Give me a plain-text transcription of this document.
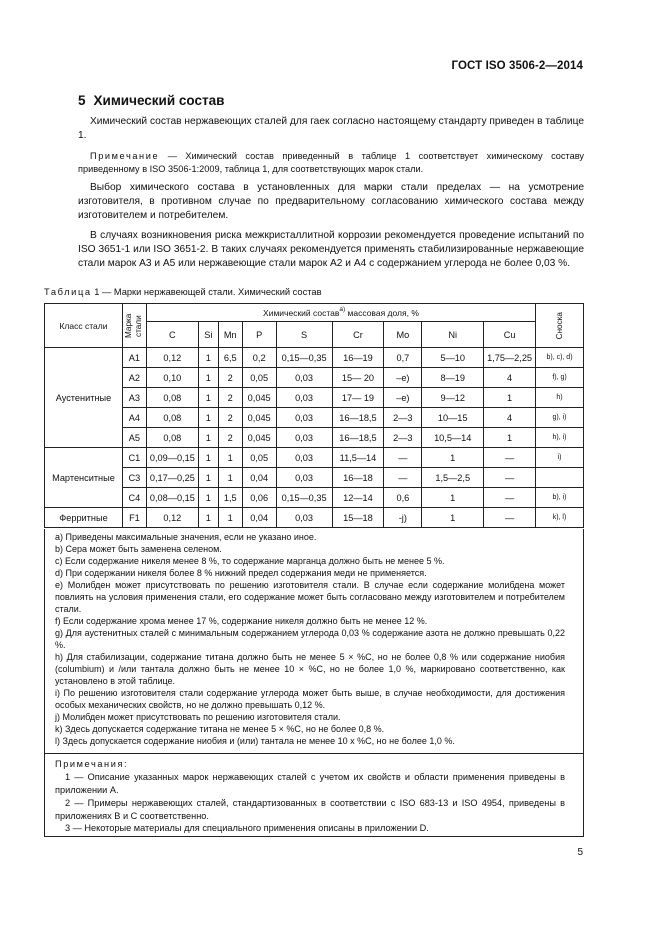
ГОСТ ISO 3506-2—2014
5 Химический состав
Химический состав нержавеющих сталей для гаек согласно настоящему стандарту приведен в таблице 1.
Примечание — Химический состав приведенный в таблице 1 соответствует химическому составу приведенному в ISO 3506-1:2009, таблица 1, для соответствующих марок стали.
Выбор химического состава в установленных для марки стали пределах — на усмотрение изготовителя, в противном случае по предварительному согласованию химического состава между изготовителем и потребителем.
В случаях возникновения риска межкристаллитной коррозии рекомендуется проведение испытаний по ISO 3651-1 или ISO 3651-2. В таких случаях рекомендуется применять стабилизированные нержавеющие стали марок А3 и А5 или нержавеющие стали марок А2 и А4 с содержанием углерода не более 0,03 %.
Таблица 1 — Марки нержавеющей стали. Химический состав
Класс стали	Марка стали	Химический состав$^{a)}$ массовая доля, %									Сноска

		C	Si	Mn	P	S	Cr	Mo	Ni	Cu	
Аустенитные	A1	0,12	1	6,5	0,2	0,15—0,35	16—19	0,7	5—10	1,75—2,25	b), c), d)
	A2	0,10	1	2	0,05	0,03	15— 20	–e)	8—19	4	f), g)
	A3	0,08	1	2	0,045	0,03	17— 19	–e)	9—12	1	h)
	A4	0,08	1	2	0,045	0,03	16—18,5	2—3	10—15	4	g), i)
	A5	0,08	1	2	0,045	0,03	16—18,5	2—3	10,5—14	1	h), i)
Мартенситные	C1	0,09—0,15	1	1	0,05	0,03	11,5—14	—	1	—	i)
	C3	0,17—0,25	1	1	0,04	0,03	16—18	—	1,5—2,5	—	
	C4	0,08—0,15	1	1,5	0,06	0,15—0,35	12—14	0,6	1	—	b), i)
Ферритные	F1	0,12	1	1	0,04	0,03	15—18	-j)	1	—	k), l)
a) Приведены максимальные значения, если не указано иное.
b) Сера может быть заменена селеном.
c) Если содержание никеля менее 8 %, то содержание марганца должно быть не менее 5 %.
d) При содержании никеля более 8 % нижний предел содержания меди не применяется.
e) Молибден может присутствовать по решению изготовителя стали. В случае если содержание молибдена может повлиять на условия применения стали, его содержание может быть согласовано между изготовителем и потребителем стали.
f) Если содержание хрома менее 17 %, содержание никеля должно быть не менее 12 %.
g) Для аустенитных сталей с минимальным содержанием углерода 0,03 % содержание азота не должно превышать 0,22 %.
h) Для стабилизации, содержание титана должно быть не менее 5 × %С, но не более 0,8 % или содержание ниобия (columbium) и /или тантала должно быть не менее 10 × %С, но не более 1,0 %, маркировано соответственно, как установлено в этой таблице.
i) По решению изготовителя стали содержание углерода может быть выше, в случае необходимости, для достижения особых механических свойств, но не должно превышать 0,12 %.
j) Молибден может присутствовать по решению изготовителя стали.
k) Здесь допускается содержание титана не менее 5 × %С, но не более 0,8 %.
l) Здесь допускается содержание ниобия и (или) тантала не менее 10 х %С, но не более 1,0 %.
Примечания:
1 — Описание указанных марок нержавеющих сталей с учетом их свойств и области применения приведены в приложении А.
2 — Примеры нержавеющих сталей, стандартизованных в соответствии с ISO 683-13 и ISO 4954, приведены в приложениях В и С соответственно.
3 — Некоторые материалы для специального применения описаны в приложении D.
5
